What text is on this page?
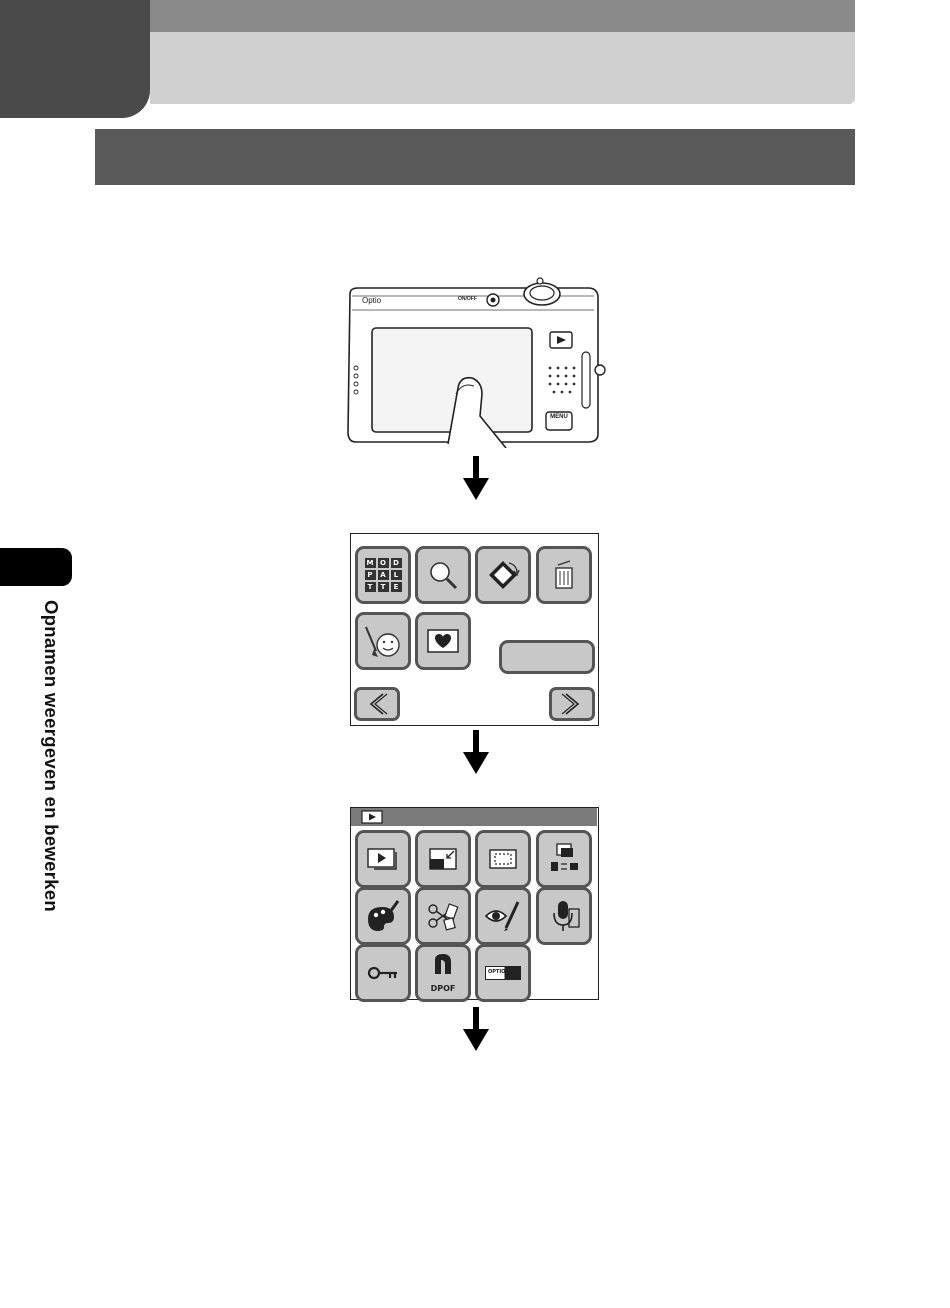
Opnamen weergeven en bewerken
Optio	ON/OFF
MENU
M O	D
P	A	L
T	T	E
DPOF
OPTIO
